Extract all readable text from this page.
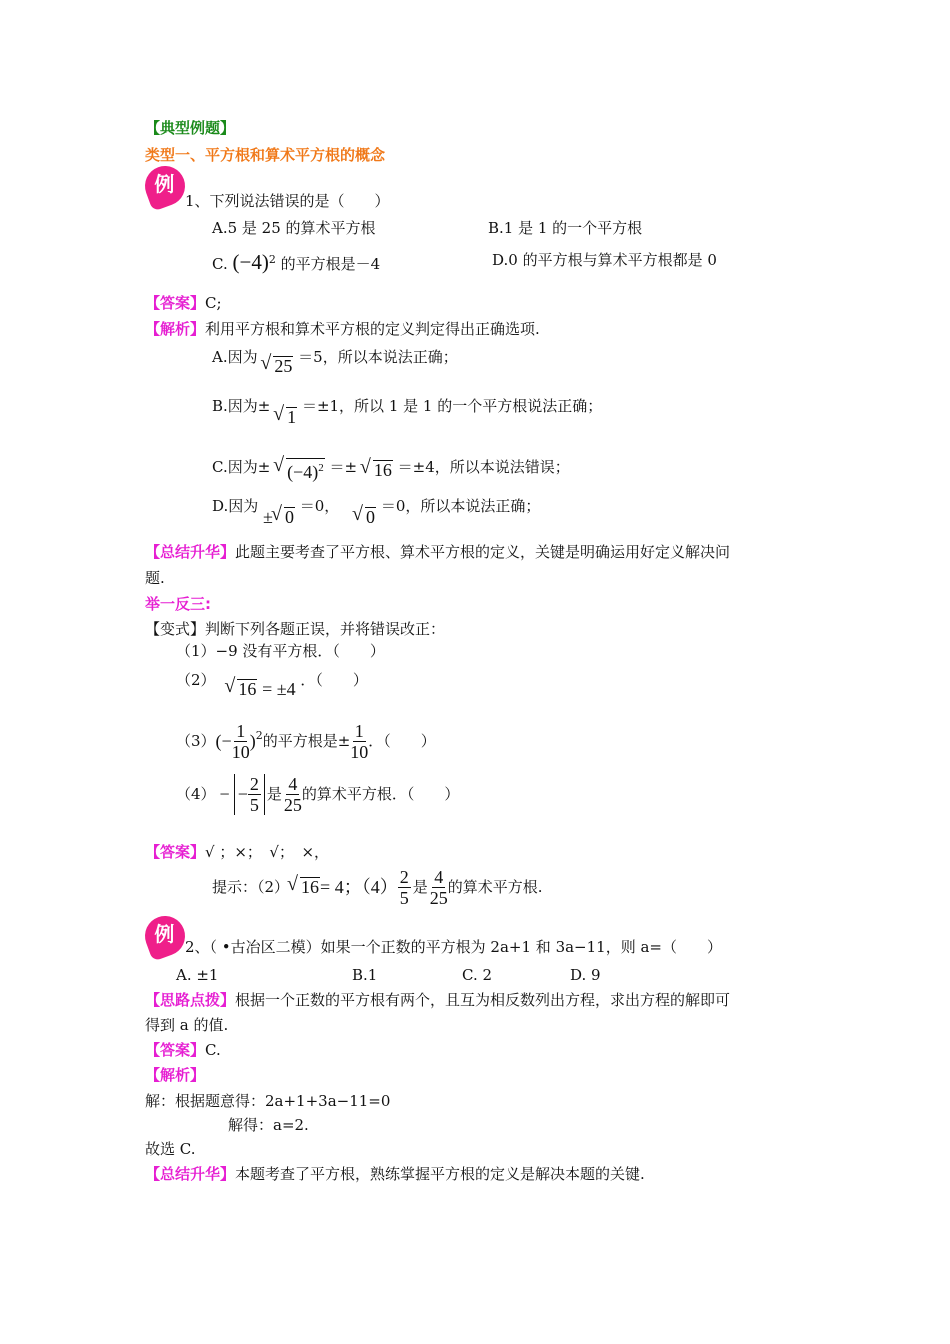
【典型例题】
类型一、平方根和算术平方根的概念
例
1、下列说法错误的是（　　）
A.5 是 25 的算术平方根	B.1 是 1 的一个平方根
C. $(-4)^2$ 的平方根是－4	D.0 的平方根与算术平方根都是 0
【答案】C;
【解析】利用平方根和算术平方根的定义判定得出正确选项.
A.因为 √ 25 ＝5，所以本说法正确；
B.因为± √ 1 ＝±1，所以 1 是 1 的一个平方根说法正确；
C.因为± √ $(-4)^2$ ＝± √ 16 ＝±4，所以本说法错误；
D.因为 ± √ 0 ＝0， √ 0 ＝0，所以本说法正确；
【总结升华】此题主要考查了平方根、算术平方根的定义，关键是明确运用好定义解决问
题.
举一反三:
【变式】判断下列各题正误，并将错误改正：
（1）−9 没有平方根．（　　）
（2） √ 16 = ±4 ．（　　）
（3） (− $\frac{1}{10} )^2$ 的平方根是± $\frac{1}{10}$ ．（　　）
（4） − − $\frac{2}{5}$ 是 $\frac{4}{25}$ 的算术平方根．（　　）
【答案】√ ；×；　√；　×，
提示：（2） √ 16 = 4；$(4) \frac{2}{5}$ 是 $\frac{4}{25}$ 的算术平方根.
例
2、（ •古冶区二模）如果一个正数的平方根为 2a+1 和 3a−11，则 a=（　　）
A. ±1	B.1	C. 2	D. 9
【思路点拨】根据一个正数的平方根有两个，且互为相反数列出方程，求出方程的解即可
得到 a 的值.
【答案】C.
【解析】
解：根据题意得：2a+1+3a−11=0
解得：a=2.
故选 C.
【总结升华】本题考查了平方根，熟练掌握平方根的定义是解决本题的关键.
